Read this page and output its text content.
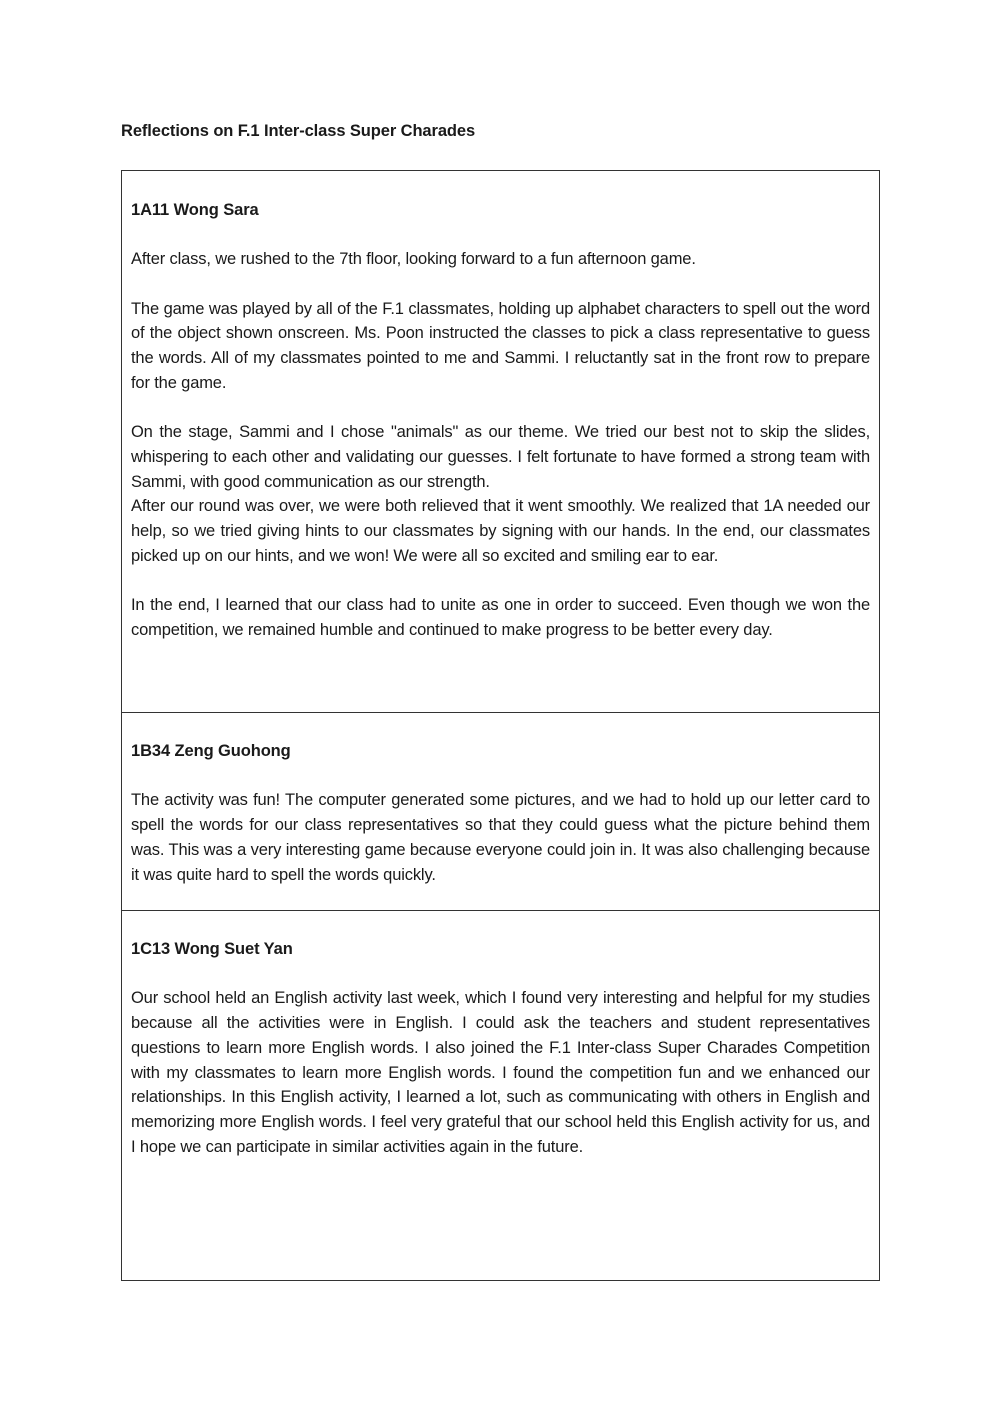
Reflections on F.1 Inter-class Super Charades

1A11 Wong Sara

After class, we rushed to the 7th floor, looking forward to a fun afternoon game.

The game was played by all of the F.1 classmates, holding up alphabet characters to spell out the word of the object shown onscreen. Ms. Poon instructed the classes to pick a class representative to guess the words. All of my classmates pointed to me and Sammi. I reluctantly sat in the front row to prepare for the game.

On the stage, Sammi and I chose "animals" as our theme. We tried our best not to skip the slides, whispering to each other and validating our guesses. I felt fortunate to have formed a strong team with Sammi, with good communication as our strength.

After our round was over, we were both relieved that it went smoothly. We realized that 1A needed our help, so we tried giving hints to our classmates by signing with our hands. In the end, our classmates picked up on our hints, and we won! We were all so excited and smiling ear to ear.

In the end, I learned that our class had to unite as one in order to succeed. Even though we won the competition, we remained humble and continued to make progress to be better every day.

1B34 Zeng Guohong

The activity was fun! The computer generated some pictures, and we had to hold up our letter card to spell the words for our class representatives so that they could guess what the picture behind them was. This was a very interesting game because everyone could join in. It was also challenging because it was quite hard to spell the words quickly.

1C13 Wong Suet Yan

Our school held an English activity last week, which I found very interesting and helpful for my studies because all the activities were in English. I could ask the teachers and student representatives questions to learn more English words. I also joined the F.1 Inter-class Super Charades Competition with my classmates to learn more English words. I found the competition fun and we enhanced our relationships. In this English activity, I learned a lot, such as communicating with others in English and memorizing more English words. I feel very grateful that our school held this English activity for us, and I hope we can participate in similar activities again in the future.
